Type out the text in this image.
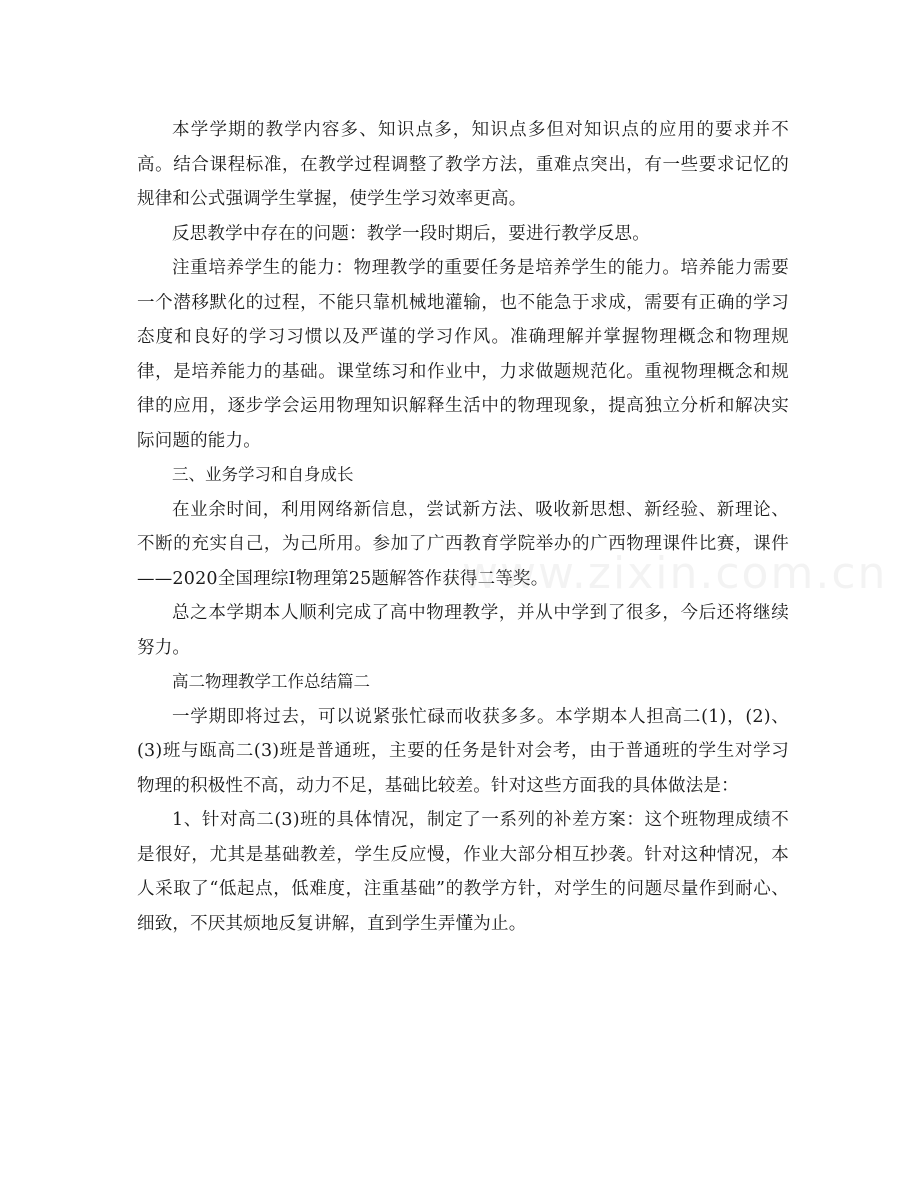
本学学期的教学内容多、知识点多，知识点多但对知识点的应用的要求并不高。结合课程标准，在教学过程调整了教学方法，重难点突出，有一些要求记忆的规律和公式强调学生掌握，使学生学习效率更高。

反思教学中存在的问题：教学一段时期后，要进行教学反思。

注重培养学生的能力：物理教学的重要任务是培养学生的能力。培养能力需要一个潜移默化的过程，不能只靠机械地灌输，也不能急于求成，需要有正确的学习态度和良好的学习习惯以及严谨的学习作风。准确理解并掌握物理概念和物理规律，是培养能力的基础。课堂练习和作业中，力求做题规范化。重视物理概念和规律的应用，逐步学会运用物理知识解释生活中的物理现象，提高独立分析和解决实际问题的能力。

三、业务学习和自身成长

在业余时间，利用网络新信息，尝试新方法、吸收新思想、新经验、新理论、不断的充实自己，为己所用。参加了广西教育学院举办的广西物理课件比赛，课件——2020全国理综Ⅰ物理第25题解答作获得二等奖。

总之本学期本人顺利完成了高中物理教学，并从中学到了很多，今后还将继续努力。

高二物理教学工作总结篇二

一学期即将过去，可以说紧张忙碌而收获多多。本学期本人担高二(1)，(2)、(3)班与瓯高二(3)班是普通班，主要的任务是针对会考，由于普通班的学生对学习物理的积极性不高，动力不足，基础比较差。针对这些方面我的具体做法是：

1、针对高二(3)班的具体情况，制定了一系列的补差方案：这个班物理成绩不是很好，尤其是基础教差，学生反应慢，作业大部分相互抄袭。针对这种情况，本人采取了“低起点，低难度，注重基础”的教学方针，对学生的问题尽量作到耐心、细致，不厌其烦地反复讲解，直到学生弄懂为止。

www.zixin.com.cn
